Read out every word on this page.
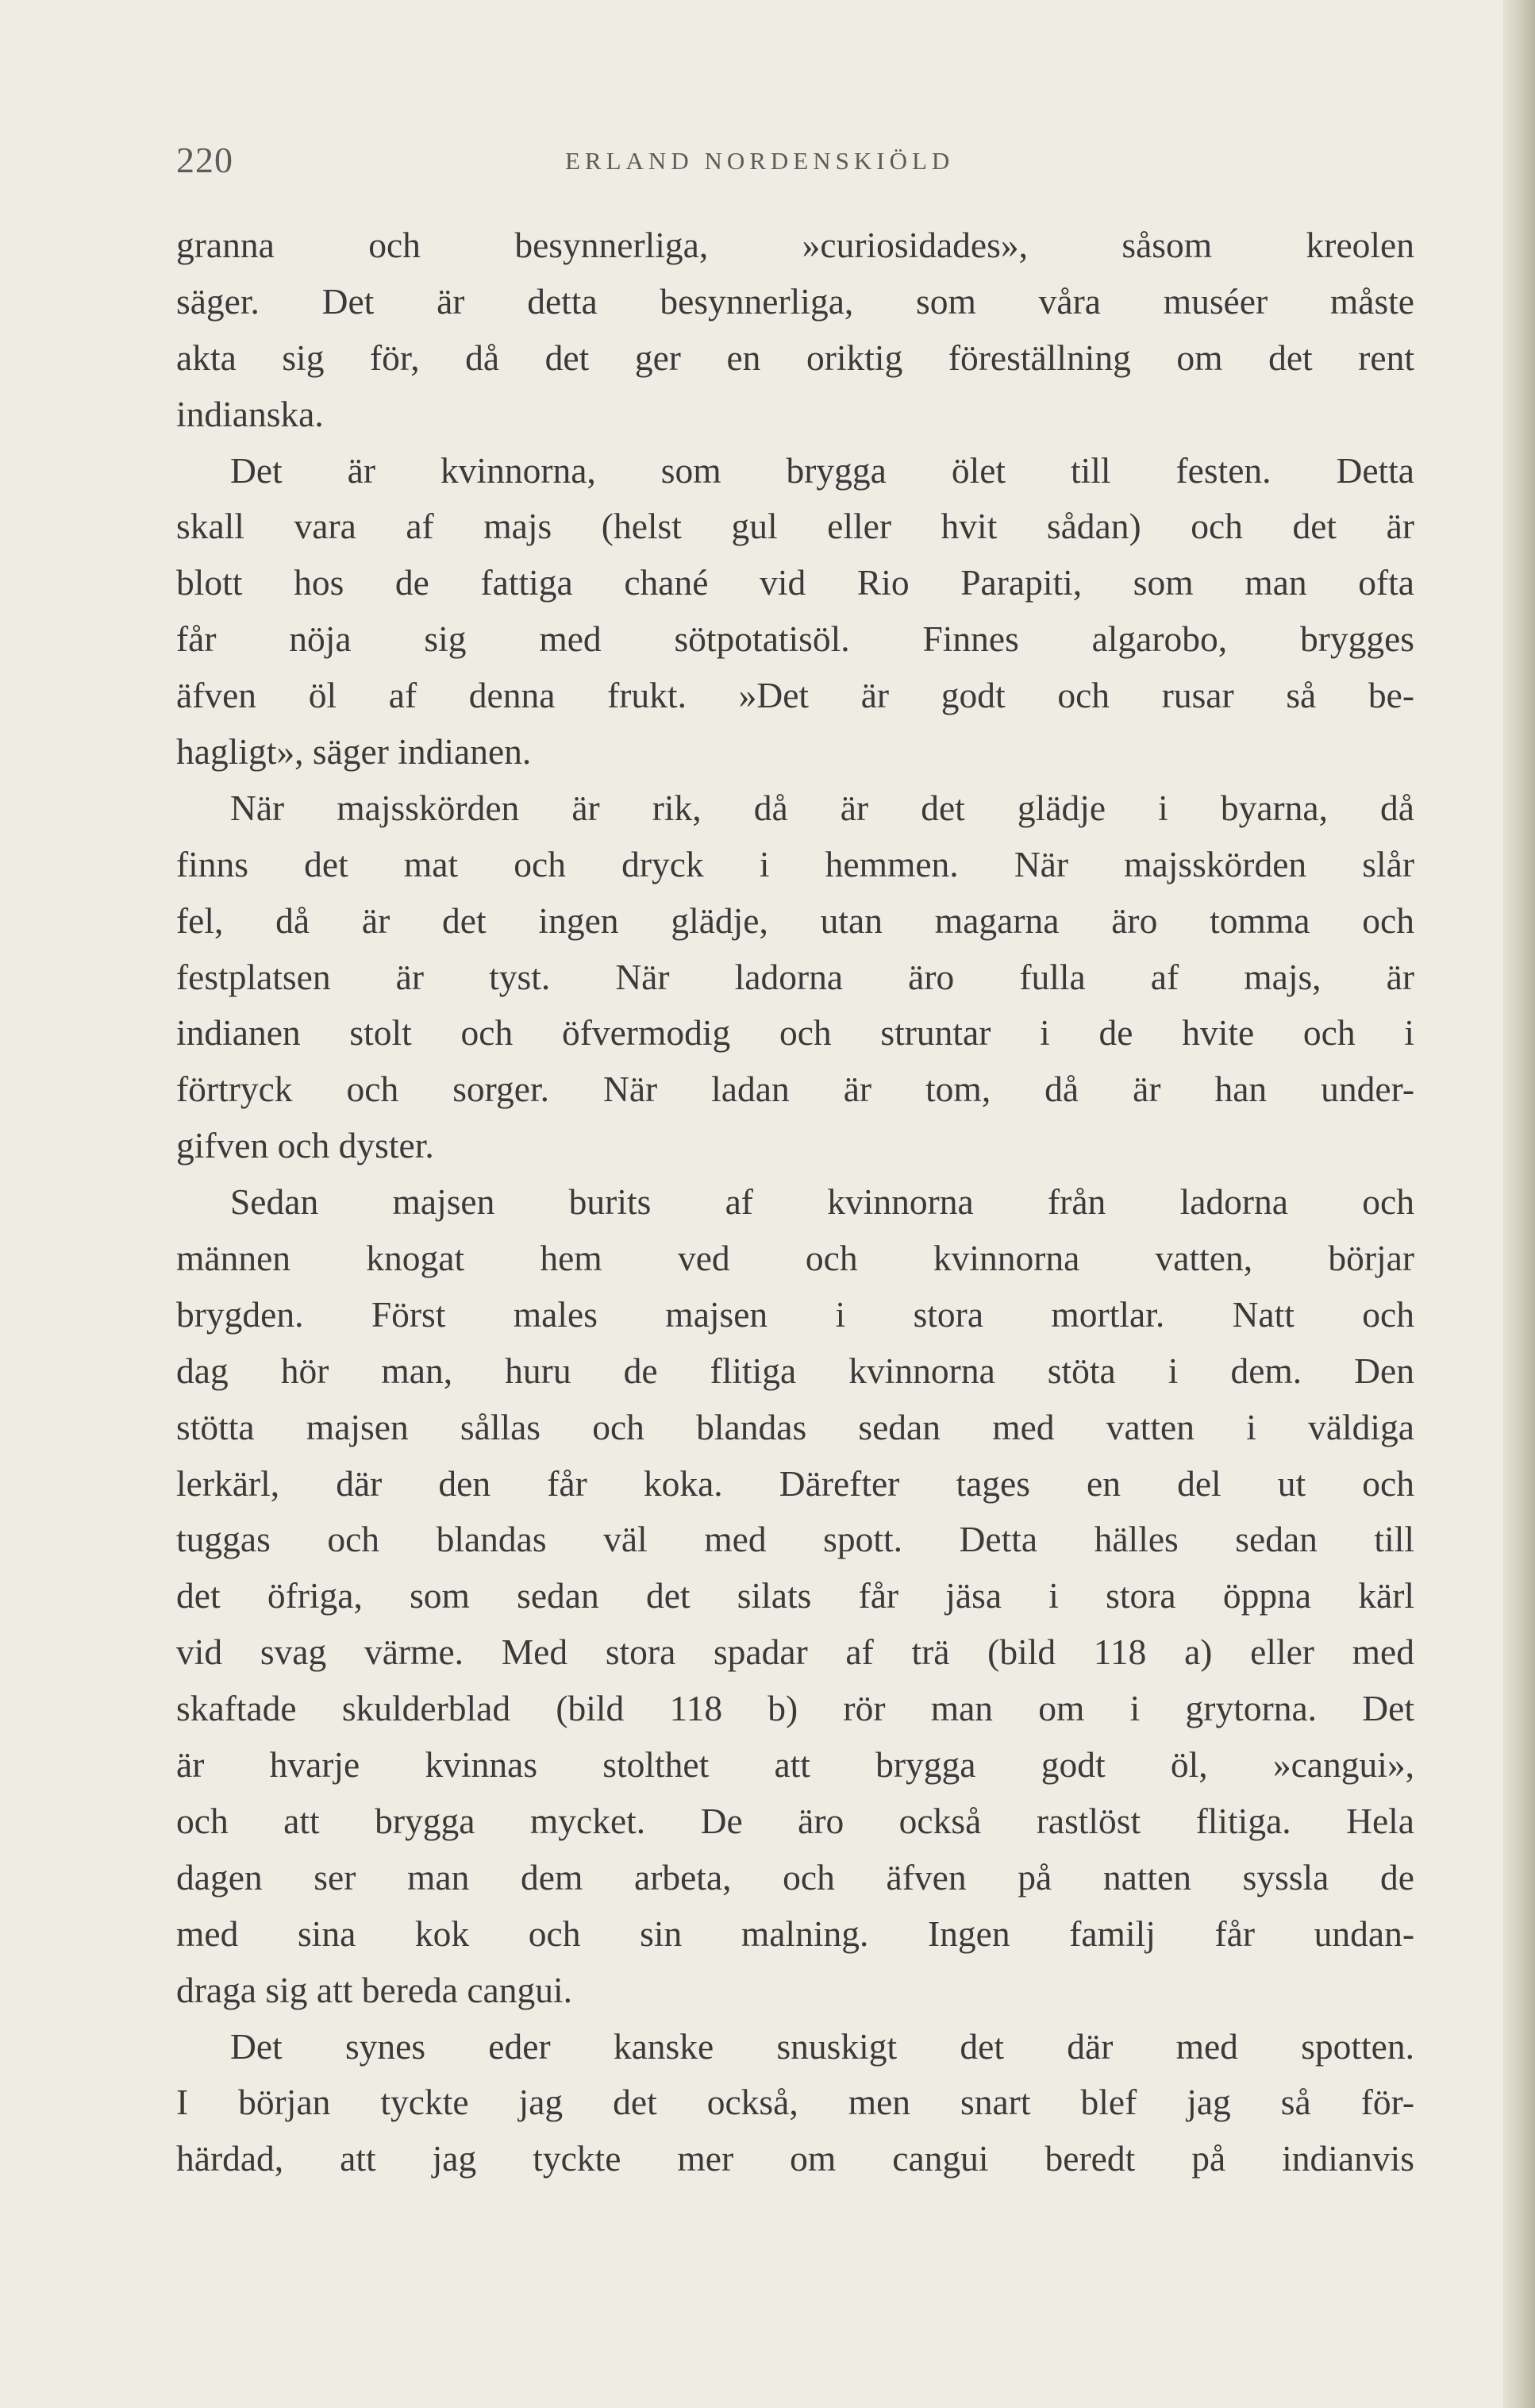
220	ERLAND NORDENSKIÖLD
granna och besynnerliga, »curiosidades», såsom kreolen
säger. Det är detta besynnerliga, som våra muséer måste
akta sig för, då det ger en oriktig föreställning om det rent
indianska.
Det är kvinnorna, som brygga ölet till festen. Detta
skall vara af majs (helst gul eller hvit sådan) och det är
blott hos de fattiga chané vid Rio Parapiti, som man ofta
får nöja sig med sötpotatisöl. Finnes algarobo, brygges
äfven öl af denna frukt. »Det är godt och rusar så be-
hagligt», säger indianen.
När majsskörden är rik, då är det glädje i byarna, då
finns det mat och dryck i hemmen. När majsskörden slår
fel, då är det ingen glädje, utan magarna äro tomma och
festplatsen är tyst. När ladorna äro fulla af majs, är
indianen stolt och öfvermodig och struntar i de hvite och i
förtryck och sorger. När ladan är tom, då är han under-
gifven och dyster.
Sedan majsen burits af kvinnorna från ladorna och
männen knogat hem ved och kvinnorna vatten, börjar
brygden. Först males majsen i stora mortlar. Natt och
dag hör man, huru de flitiga kvinnorna stöta i dem. Den
stötta majsen sållas och blandas sedan med vatten i väldiga
lerkärl, där den får koka. Därefter tages en del ut och
tuggas och blandas väl med spott. Detta hälles sedan till
det öfriga, som sedan det silats får jäsa i stora öppna kärl
vid svag värme. Med stora spadar af trä (bild 118 a) eller med
skaftade skulderblad (bild 118 b) rör man om i grytorna. Det
är hvarje kvinnas stolthet att brygga godt öl, »cangui»,
och att brygga mycket. De äro också rastlöst flitiga. Hela
dagen ser man dem arbeta, och äfven på natten syssla de
med sina kok och sin malning. Ingen familj får undan-
draga sig att bereda cangui.
Det synes eder kanske snuskigt det där med spotten.
I början tyckte jag det också, men snart blef jag så för-
härdad, att jag tyckte mer om cangui beredt på indianvis
